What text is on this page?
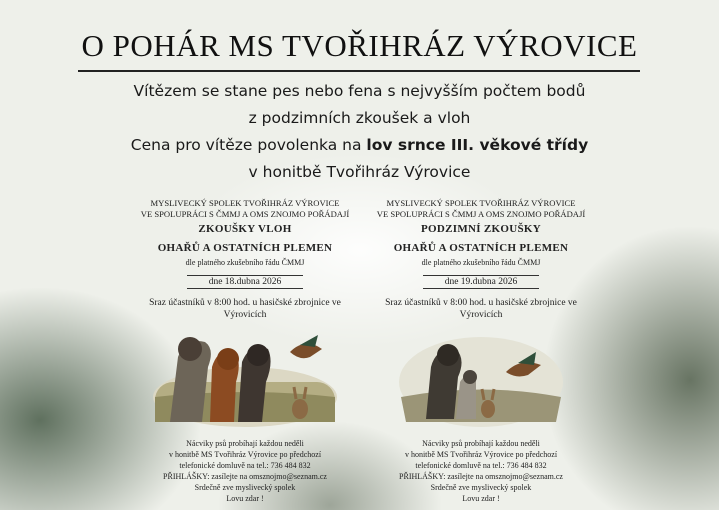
O POHÁR MS TVOŘIHRÁZ VÝROVICE
Vítězem se stane pes nebo fena s nejvyšším počtem bodů
z podzimních zkoušek a vloh
Cena pro vítěze povolenka na lov srnce III. věkové třídy
v honitbě Tvořihráz Výrovice
MYSLIVECKÝ SPOLEK TVOŘIHRÁZ VÝROVICE
VE SPOLUPRÁCI S ČMMJ A OMS ZNOJMO POŘÁDAJÍ
ZKOUŠKY VLOH
OHAŘŮ A OSTATNÍCH PLEMEN
dle platného zkušebního řádu ČMMJ
dne 18.dubna 2026
Sraz účastníků v 8:00 hod. u hasičské zbrojnice ve Výrovicích
Nácviky psů probíhají každou neděli
v honitbě MS Tvořihráz Výrovice po předchozí
telefonické domluvě na tel.: 736 484 832
PŘIHLÁŠKY: zasílejte na omsznojmo@seznam.cz
Srdečně zve myslivecký spolek
Lovu zdar !
MYSLIVECKÝ SPOLEK TVOŘIHRÁZ VÝROVICE
VE SPOLUPRÁCI S ČMMJ A OMS ZNOJMO POŘÁDAJÍ
PODZIMNÍ ZKOUŠKY
OHAŘŮ A OSTATNÍCH PLEMEN
dle platného zkušebního řádu ČMMJ
dne 19.dubna 2026
Sraz účastníků v 8:00 hod. u hasičské zbrojnice ve Výrovicích
Nácviky psů probíhají každou neděli
v honitbě MS Tvořihráz Výrovice po předchozí
telefonické domluvě na tel.: 736 484 832
PŘIHLÁŠKY: zasílejte na omsznojmo@seznam.cz
Srdečně zve myslivecký spolek
Lovu zdar !
